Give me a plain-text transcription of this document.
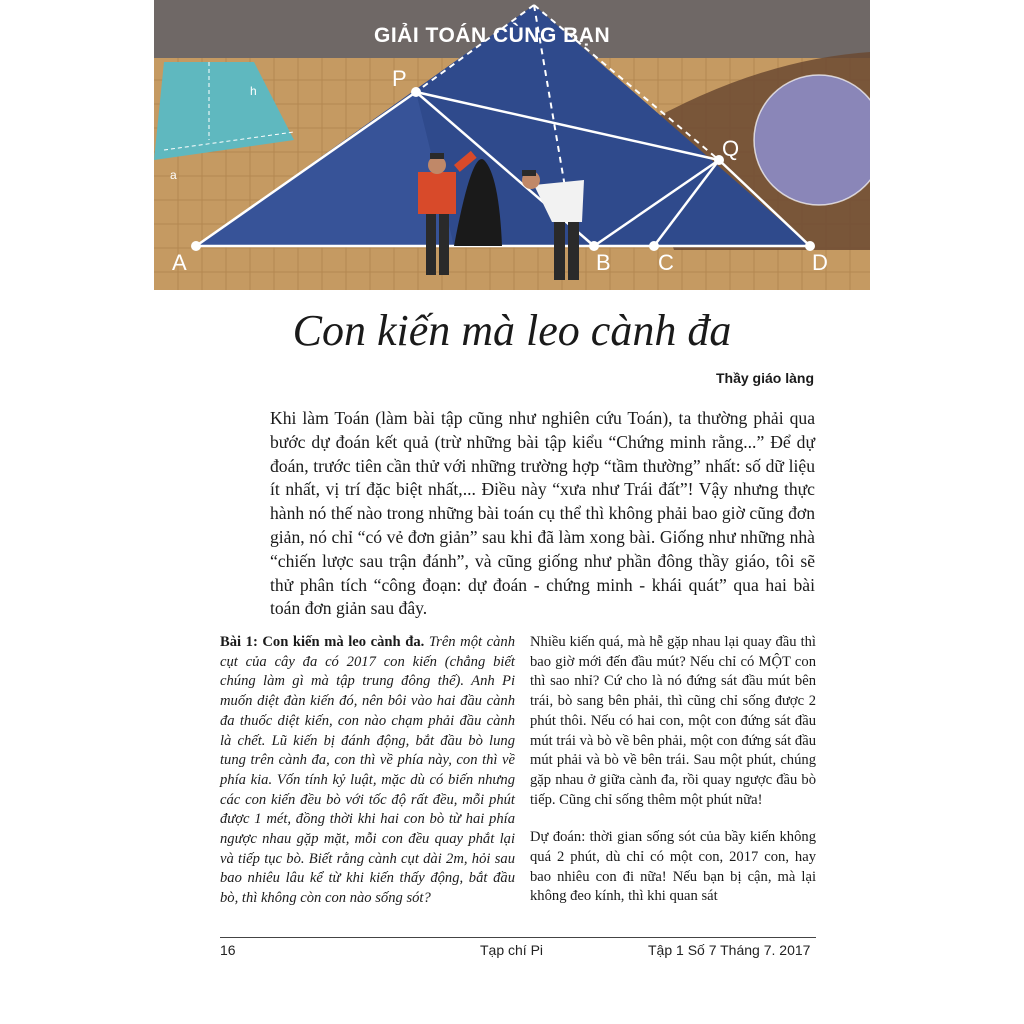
GIẢI TOÁN CÙNG BẠN
P
Q
A	B C	D
h
a
Con kiến mà leo cành đa
Thầy giáo làng

Khi làm Toán (làm bài tập cũng như nghiên cứu Toán), ta thường phải qua bước dự đoán kết quả (trừ những bài tập kiểu “Chứng minh rằng...” Để dự đoán, trước tiên cần thử với những trường hợp “tầm thường” nhất: số dữ liệu ít nhất, vị trí đặc biệt nhất,... Điều này “xưa như Trái đất”! Vậy nhưng thực hành nó thế nào trong những bài toán cụ thể thì không phải bao giờ cũng đơn giản, nó chỉ “có vẻ đơn giản” sau khi đã làm xong bài. Giống như những nhà “chiến lược sau trận đánh”, và cũng giống như phần đông thầy giáo, tôi sẽ thử phân tích “công đoạn: dự đoán - chứng minh - khái quát” qua hai bài toán đơn giản sau đây.

Bài 1: Con kiến mà leo cành đa. Trên một cành cụt của cây đa có 2017 con kiến (chẳng biết chúng làm gì mà tập trung đông thế). Anh Pi muốn diệt đàn kiến đó, nên bôi vào hai đầu cành đa thuốc diệt kiến, con nào chạm phải đầu cành là chết. Lũ kiến bị đánh động, bắt đầu bò lung tung trên cành đa, con thì về phía này, con thì về phía kia. Vốn tính kỷ luật, mặc dù có biến nhưng các con kiến đều bò với tốc độ rất đều, mỗi phút được 1 mét, đồng thời khi hai con bò từ hai phía ngược nhau gặp mặt, mỗi con đều quay phắt lại và tiếp tục bò. Biết rằng cành cụt dài 2m, hỏi sau bao nhiêu lâu kể từ khi kiến thấy động, bắt đầu bò, thì không còn con nào sống sót?

Nhiều kiến quá, mà hễ gặp nhau lại quay đầu thì bao giờ mới đến đầu mút? Nếu chỉ có MỘT con thì sao nhỉ? Cứ cho là nó đứng sát đầu mút bên trái, bò sang bên phải, thì cũng chỉ sống được 2 phút thôi. Nếu có hai con, một con đứng sát đầu mút trái và bò về bên phải, một con đứng sát đầu mút phải và bò về bên trái. Sau một phút, chúng gặp nhau ở giữa cành đa, rồi quay ngược đầu bò tiếp. Cũng chỉ sống thêm một phút nữa!

Dự đoán: thời gian sống sót của bầy kiến không quá 2 phút, dù chỉ có một con, 2017 con, hay bao nhiêu con đi nữa! Nếu bạn bị cận, mà lại không đeo kính, thì khi quan sát

16	Tạp chí Pi	Tập 1 Số 7 Tháng 7. 2017
